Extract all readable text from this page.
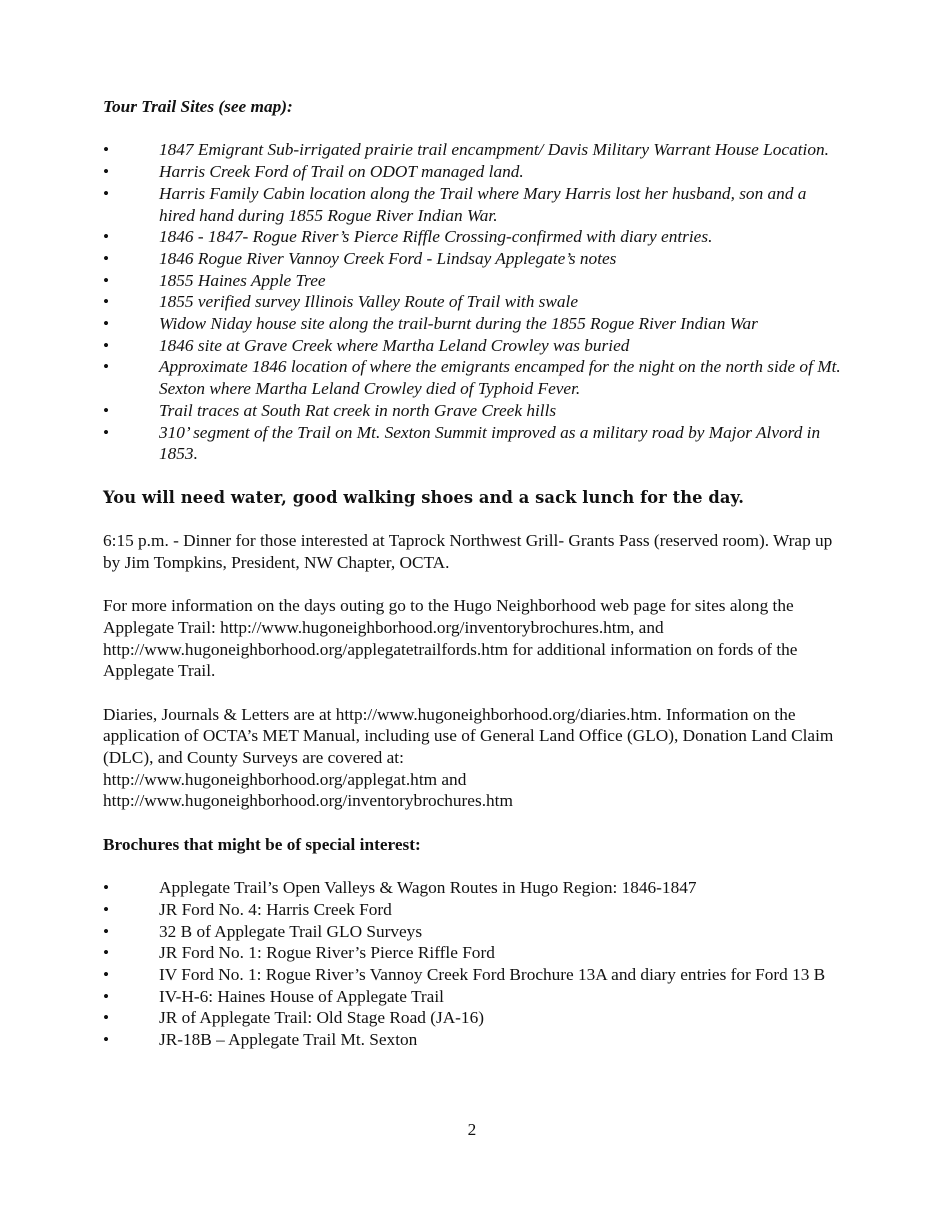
Tour Trail Sites (see map):

•	1847 Emigrant Sub-irrigated prairie trail encampment/ Davis Military Warrant House Location.
•	Harris Creek Ford of Trail on ODOT managed land.
•	Harris Family Cabin location along the Trail where Mary Harris lost her husband, son and a hired hand during 1855 Rogue River Indian War.
•	1846 - 1847- Rogue River’s Pierce Riffle Crossing-confirmed with diary entries.
•	1846 Rogue River Vannoy Creek Ford - Lindsay Applegate’s notes
•	1855 Haines Apple Tree
•	1855 verified survey Illinois Valley Route of Trail with swale
•	Widow Niday house site along the trail-burnt during the 1855 Rogue River Indian War
•	1846 site at Grave Creek where Martha Leland Crowley was buried
•	Approximate 1846 location of where the emigrants encamped for the night on the north side of Mt. Sexton where Martha Leland Crowley died of Typhoid Fever.
•	Trail traces at South Rat creek in north Grave Creek hills
•	310’ segment of the Trail on Mt. Sexton Summit improved as a military road by Major Alvord in 1853.

You will need water, good walking shoes and a sack lunch for the day.

6:15 p.m. - Dinner for those interested at Taprock Northwest Grill- Grants Pass (reserved room). Wrap up by Jim Tompkins, President, NW Chapter, OCTA.

For more information on the days outing go to the Hugo Neighborhood web page for sites along the Applegate Trail: http://www.hugoneighborhood.org/inventorybrochures.htm, and http://www.hugoneighborhood.org/applegatetrailfords.htm for additional information on fords of the Applegate Trail.

Diaries, Journals & Letters are at http://www.hugoneighborhood.org/diaries.htm. Information on the application of OCTA’s MET Manual, including use of General Land Office (GLO), Donation Land Claim (DLC), and County Surveys are covered at:
http://www.hugoneighborhood.org/applegat.htm and
http://www.hugoneighborhood.org/inventorybrochures.htm

Brochures that might be of special interest:

•	Applegate Trail’s Open Valleys & Wagon Routes in Hugo Region: 1846-1847
•	JR Ford No. 4: Harris Creek Ford
•	32 B of Applegate Trail GLO Surveys
•	JR Ford No. 1: Rogue River’s Pierce Riffle Ford
•	IV Ford No. 1: Rogue River’s Vannoy Creek Ford Brochure 13A and diary entries for Ford 13 B
•	IV-H-6: Haines House of Applegate Trail
•	JR of Applegate Trail: Old Stage Road (JA-16)
•	JR-18B – Applegate Trail Mt. Sexton
2
